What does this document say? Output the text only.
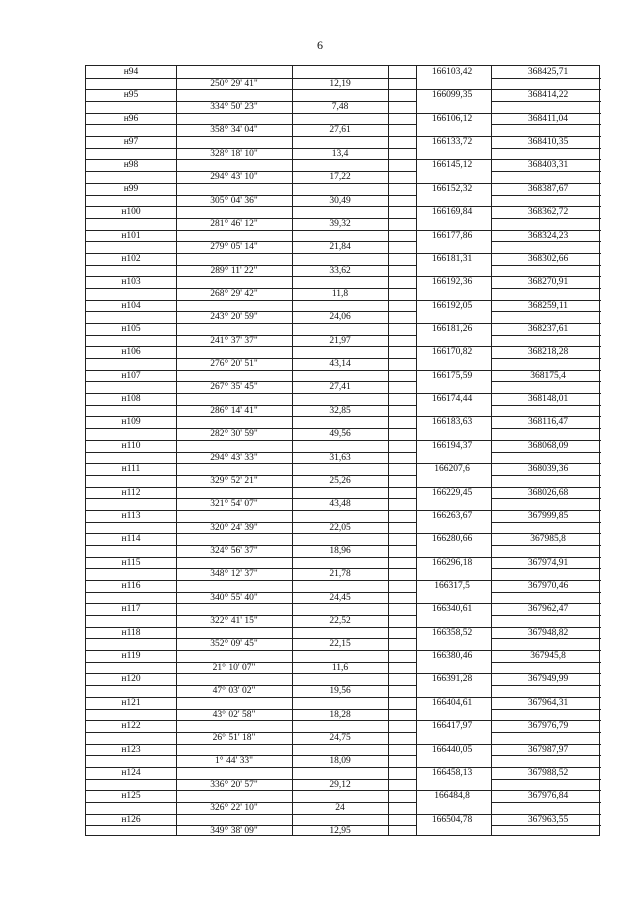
6
н94	166103,42	368425,71
250° 29' 41"	12,19
н95	166099,35	368414,22
334° 50' 23"	7,48
н96	166106,12	368411,04
358° 34' 04"	27,61
н97	166133,72	368410,35
328° 18' 10"	13,4
н98	166145,12	368403,31
294° 43' 10"	17,22
н99	166152,32	368387,67
305° 04' 36"	30,49
н100	166169,84	368362,72
281° 46' 12"	39,32
н101	166177,86	368324,23
279° 05' 14"	21,84
н102	166181,31	368302,66
289° 11' 22"	33,62
н103	166192,36	368270,91
268° 29' 42"	11,8
н104	166192,05	368259,11
243° 20' 59"	24,06
н105	166181,26	368237,61
241° 37' 37"	21,97
н106	166170,82	368218,28
276° 20' 51"	43,14
н107	166175,59	368175,4
267° 35' 45"	27,41
н108	166174,44	368148,01
286° 14' 41"	32,85
н109	166183,63	368116,47
282° 30' 59"	49,56
н110	166194,37	368068,09
294° 43' 33"	31,63
н111	166207,6	368039,36
329° 52' 21"	25,26
н112	166229,45	368026,68
321° 54' 07"	43,48
н113	166263,67	367999,85
320° 24' 39"	22,05
н114	166280,66	367985,8
324° 56' 37"	18,96
н115	166296,18	367974,91
348° 12' 37"	21,78
н116	166317,5	367970,46
340° 55' 40"	24,45
н117	166340,61	367962,47
322° 41' 15"	22,52
н118	166358,52	367948,82
352° 09' 45"	22,15
н119	166380,46	367945,8
21° 10' 07"	11,6
н120	166391,28	367949,99
47° 03' 02"	19,56
н121	166404,61	367964,31
43° 02' 58"	18,28
н122	166417,97	367976,79
26° 51' 18"	24,75
н123	166440,05	367987,97
1° 44' 33"	18,09
н124	166458,13	367988,52
336° 20' 57"	29,12
н125	166484,8	367976,84
326° 22' 10"	24
н126	166504,78	367963,55
349° 38' 09"	12,95
